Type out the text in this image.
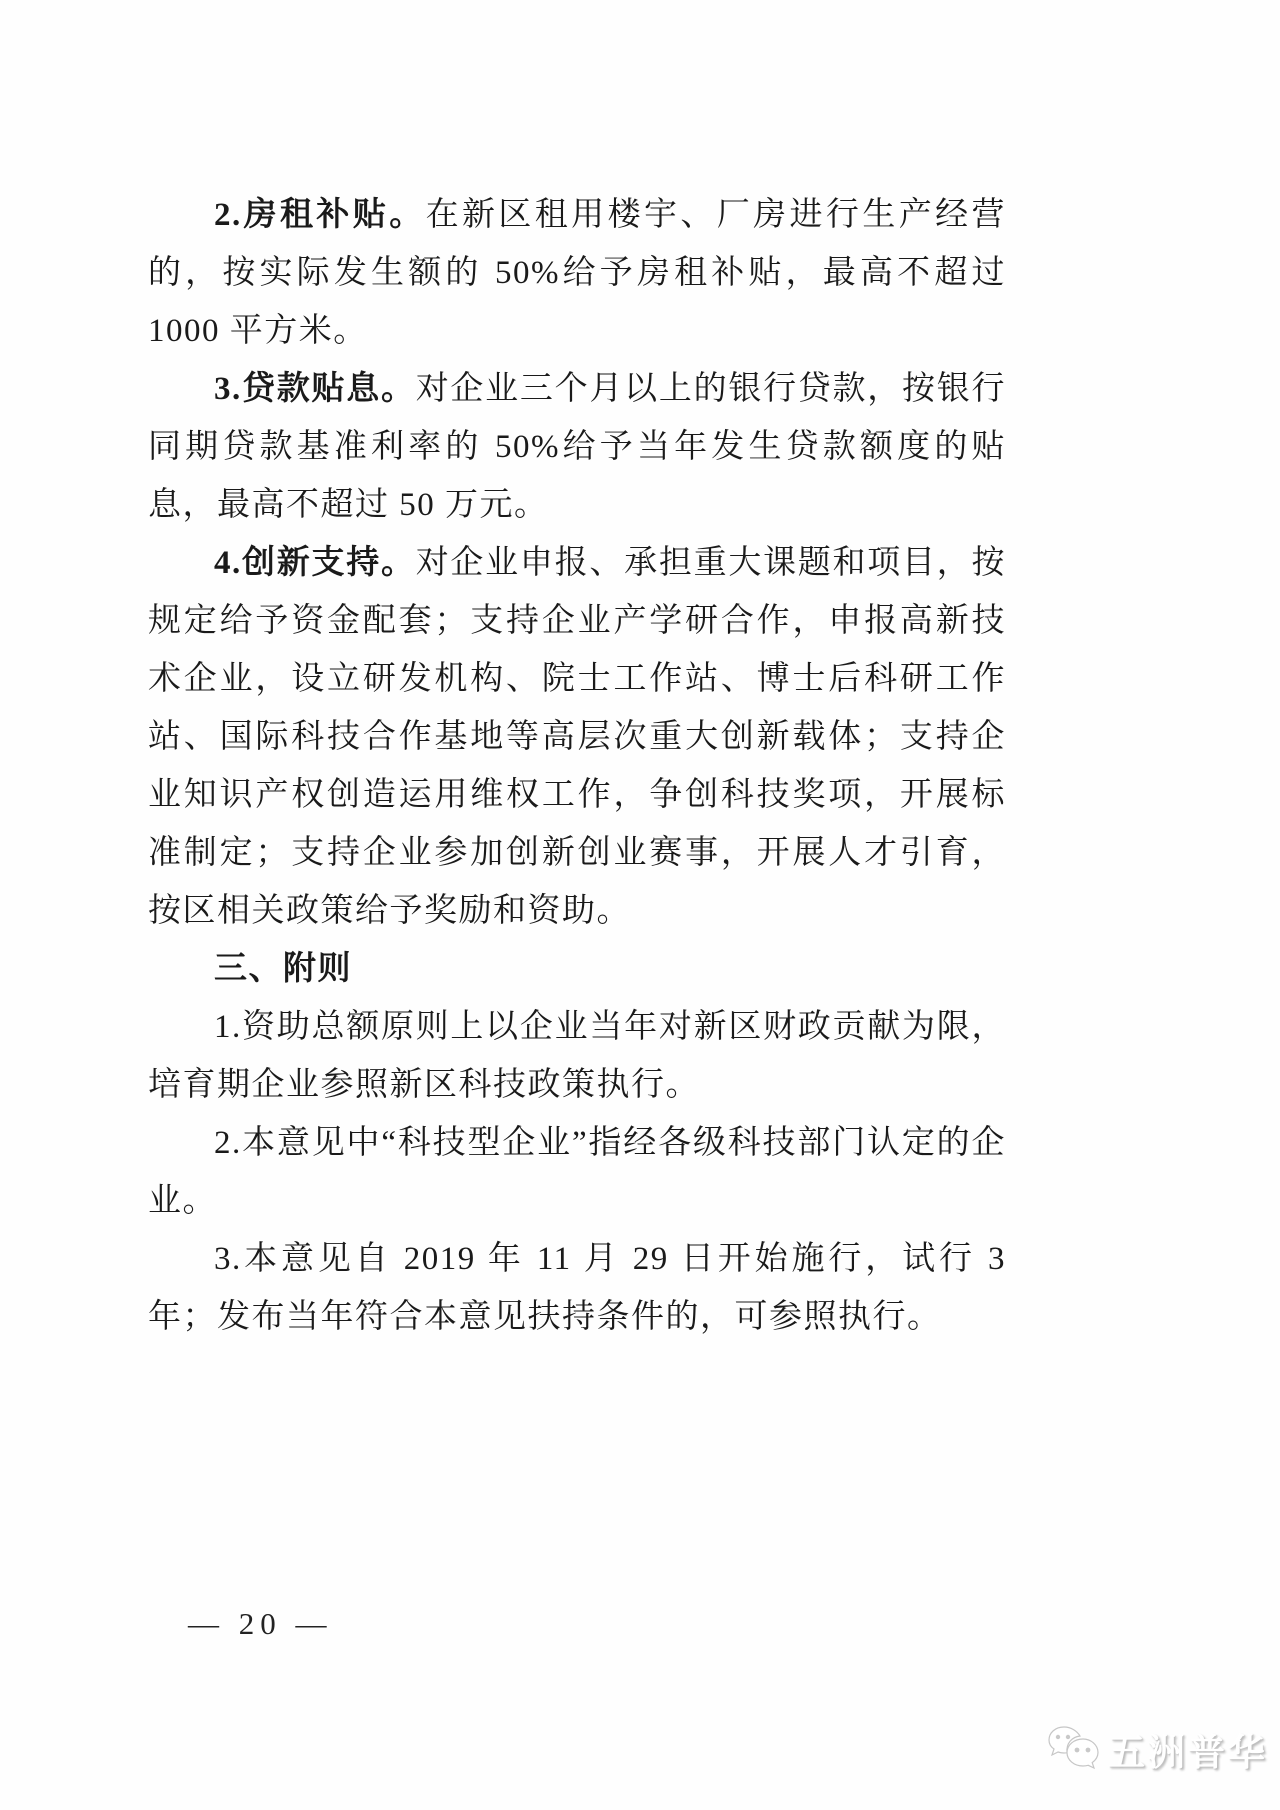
2.房租补贴。在新区租用楼宇、厂房进行生产经营的，按实际发生额的 50%给予房租补贴，最高不超过 1000 平方米。

3.贷款贴息。对企业三个月以上的银行贷款，按银行同期贷款基准利率的 50%给予当年发生贷款额度的贴息，最高不超过 50 万元。

4.创新支持。对企业申报、承担重大课题和项目，按规定给予资金配套；支持企业产学研合作，申报高新技术企业，设立研发机构、院士工作站、博士后科研工作站、国际科技合作基地等高层次重大创新载体；支持企业知识产权创造运用维权工作，争创科技奖项，开展标准制定；支持企业参加创新创业赛事，开展人才引育，按区相关政策给予奖励和资助。

三、附则

1.资助总额原则上以企业当年对新区财政贡献为限，培育期企业参照新区科技政策执行。

2.本意见中“科技型企业”指经各级科技部门认定的企业。

3.本意见自 2019 年 11 月 29 日开始施行，试行 3 年；发布当年符合本意见扶持条件的，可参照执行。

— 20 —
五洲普华
